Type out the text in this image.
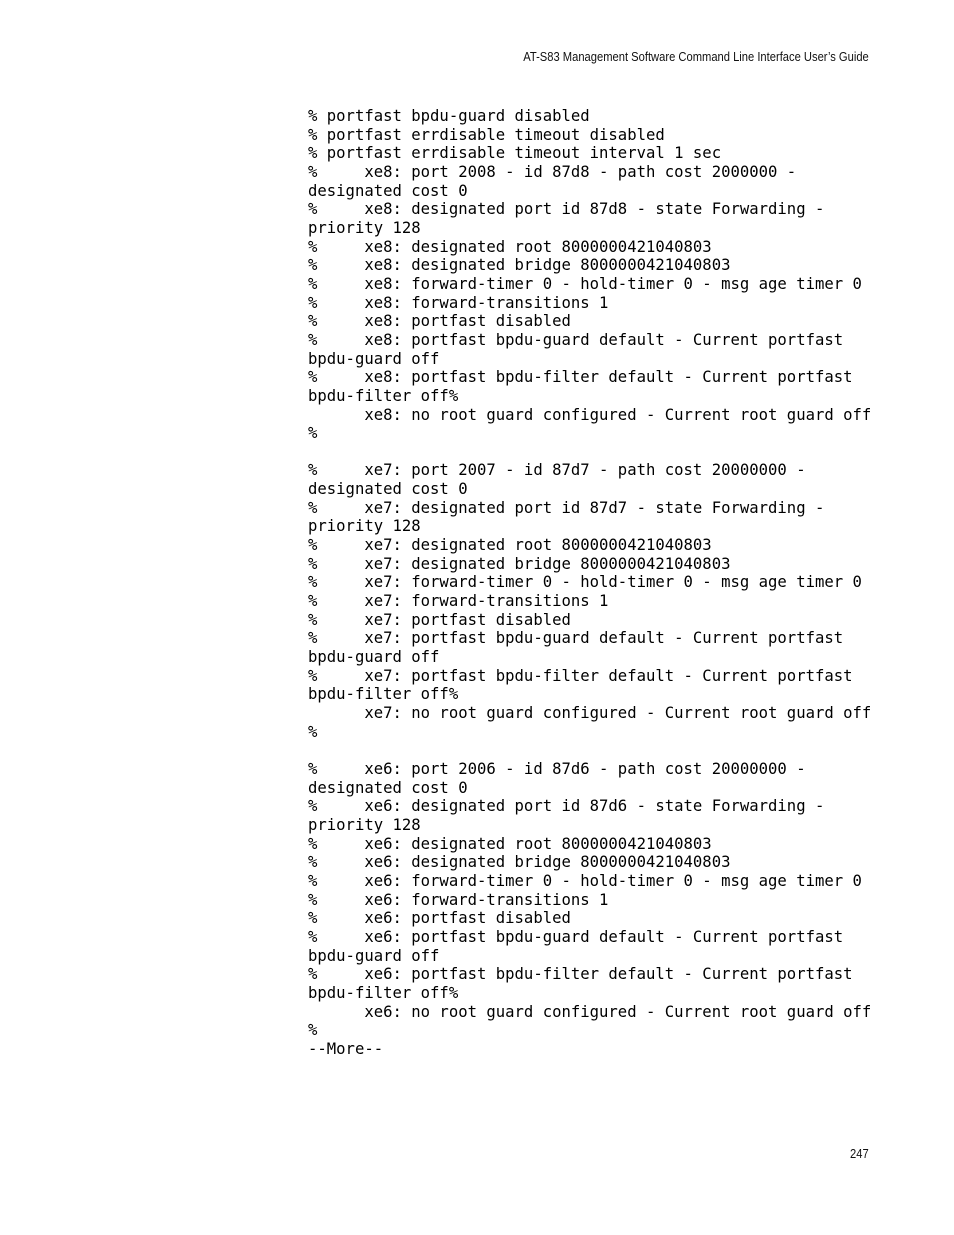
AT-S83 Management Software Command Line Interface User’s Guide
% portfast bpdu-guard disabled
% portfast errdisable timeout disabled
% portfast errdisable timeout interval 1 sec
%     xe8: port 2008 - id 87d8 - path cost 2000000 -
designated cost 0
%     xe8: designated port id 87d8 - state Forwarding -
priority 128
%     xe8: designated root 8000000421040803
%     xe8: designated bridge 8000000421040803
%     xe8: forward-timer 0 - hold-timer 0 - msg age timer 0
%     xe8: forward-transitions 1
%     xe8: portfast disabled
%     xe8: portfast bpdu-guard default - Current portfast
bpdu-guard off
%     xe8: portfast bpdu-filter default - Current portfast
bpdu-filter off%
xe8: no root guard configured - Current root guard off
%

%     xe7: port 2007 - id 87d7 - path cost 20000000 -
designated cost 0
%     xe7: designated port id 87d7 - state Forwarding -
priority 128
%     xe7: designated root 8000000421040803
%     xe7: designated bridge 8000000421040803
%     xe7: forward-timer 0 - hold-timer 0 - msg age timer 0
%     xe7: forward-transitions 1
%     xe7: portfast disabled
%     xe7: portfast bpdu-guard default - Current portfast
bpdu-guard off
%     xe7: portfast bpdu-filter default - Current portfast
bpdu-filter off%
xe7: no root guard configured - Current root guard off
%

%     xe6: port 2006 - id 87d6 - path cost 20000000 -
designated cost 0
%     xe6: designated port id 87d6 - state Forwarding -
priority 128
%     xe6: designated root 8000000421040803
%     xe6: designated bridge 8000000421040803
%     xe6: forward-timer 0 - hold-timer 0 - msg age timer 0
%     xe6: forward-transitions 1
%     xe6: portfast disabled
%     xe6: portfast bpdu-guard default - Current portfast
bpdu-guard off
%     xe6: portfast bpdu-filter default - Current portfast
bpdu-filter off%
xe6: no root guard configured - Current root guard off
%
--More--
247
